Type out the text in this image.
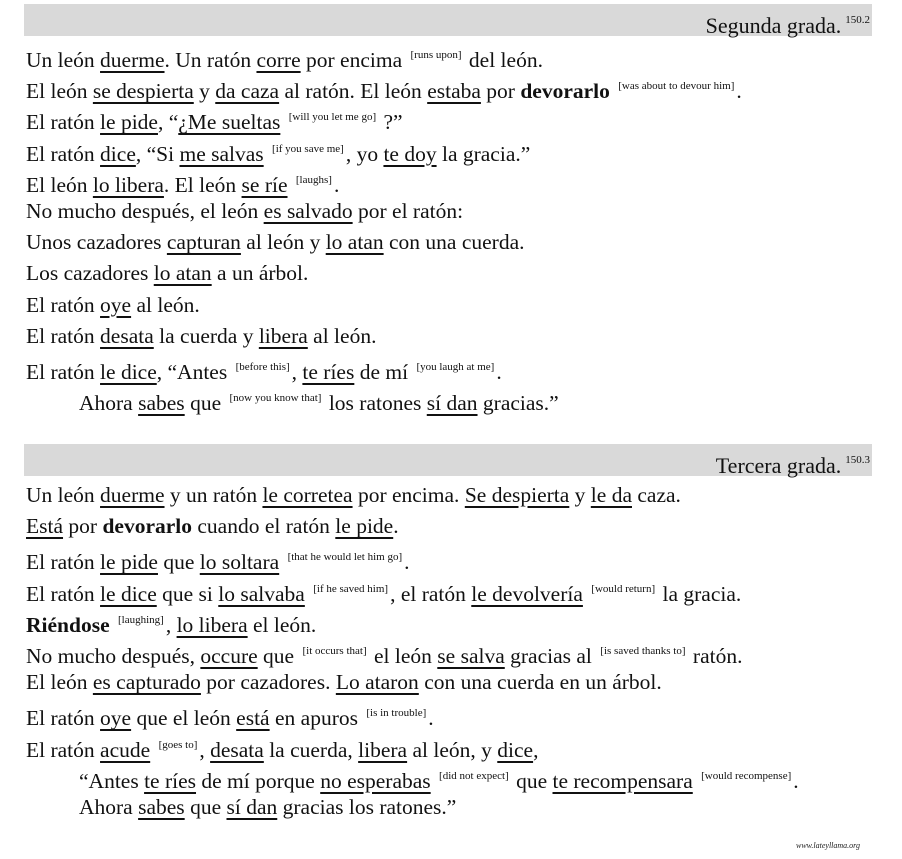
Segunda grada. $^{150.2}$
Un león duerme. Un ratón corre por encima [runs upon] del león.
El león se despierta y da caza al ratón. El león estaba por devorarlo [was about to devour him].
El ratón le pide, “¿Me sueltas [will you let me go] ?”
El ratón dice, “Si me salvas [if you save me], yo te doy la gracia.”
El león lo libera. El león se ríe [laughs].
No mucho después, el león es salvado por el ratón:
Unos cazadores capturan al león y lo atan con una cuerda.
Los cazadores lo atan a un árbol.
El ratón oye al león.
El ratón desata la cuerda y libera al león.
El ratón le dice, “Antes [before this], te ríes de mí [you laugh at me].
Ahora sabes que [now you know that] los ratones sí dan gracias.”
Tercera grada. $^{150.3}$
Un león duerme y un ratón le corretea por encima. Se despierta y le da caza.
Está por devorarlo cuando el ratón le pide.
El ratón le pide que lo soltara [that he would let him go].
El ratón le dice que si lo salvaba [if he saved him], el ratón le devolvería [would return] la gracia.
Riéndose [laughing], lo libera el león.
No mucho después, occure que [it occurs that] el león se salva gracias al [is saved thanks to] ratón.
El león es capturado por cazadores. Lo ataron con una cuerda en un árbol.
El ratón oye que el león está en apuros [is in trouble].
El ratón acude [goes to], desata la cuerda, libera al león, y dice,
“Antes te ríes de mí porque no esperabas [did not expect] que te recompensara [would recompense].
Ahora sabes que sí dan gracias los ratones.”
www.lateyllama.org
